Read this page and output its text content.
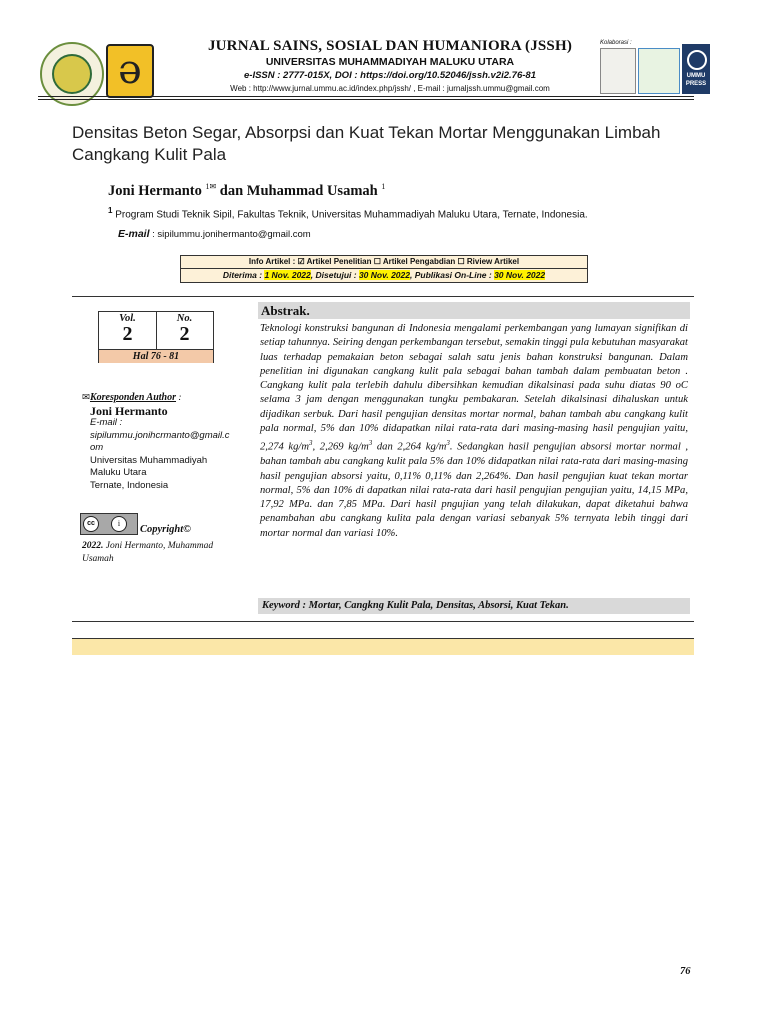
ə
JURNAL SAINS, SOSIAL DAN HUMANIORA (JSSH)
UNIVERSITAS MUHAMMADIYAH MALUKU UTARA
e-ISSN : 2777-015X, DOI : https://doi.org/10.52046/jssh.v2i2.76-81
Web : http://www.jurnal.ummu.ac.id/index.php/jssh/ , E-mail : jurnaljssh.ummu@gmail.com
Kolaborasi :
UMMU PRESS
Densitas Beton Segar, Absorpsi dan Kuat Tekan Mortar Menggunakan Limbah Cangkang Kulit Pala
Joni Hermanto $^{1✉}$ dan Muhammad Usamah $^1$
$^1$ Program Studi Teknik Sipil, Fakultas Teknik, Universitas Muhammadiyah Maluku Utara, Ternate, Indonesia.
E-mail : sipilummu.jonihermanto@gmail.com
Info Artikel : ☑ Artikel Penelitian ☐ Artikel Pengabdian ☐ Riview Artikel
Diterima : 1 Nov. 2022, Disetujui : 30 Nov. 2022, Publikasi On-Line : 30 Nov. 2022
Vol.
2
No.
2
Hal 76 - 81
✉Koresponden Author :
Joni Hermanto
E-mail :
sipilummu.jonihcrmanto@gmail.com
Universitas Muhammadiyah
Maluku Utara
Ternate, Indonesia
cc	i
Copyright©
2022. Joni Hermanto, Muhammad Usamah
Abstrak.
Teknologi konstruksi bangunan di Indonesia mengalami perkembangan yang lumayan signifikan di setiap tahunnya. Seiring dengan perkembangan tersebut, semakin tinggi pula kebutuhan masyarakat luas terhadap pemakaian beton sebagai salah satu jenis bahan konstruksi bangunan. Dalam penelitian ini digunakan cangkang kulit pala sebagai bahan tambah dalam pembuatan beton . Cangkang kulit pala terlebih dahulu dibersihkan kemudian dikalsinasi pada suhu diatas 90 oC selama 3 jam dengan menggunakan tungku pembakaran. Setelah dikalsinasi dihaluskan untuk dijadikan serbuk. Dari hasil pengujian densitas mortar normal, bahan tambah abu cangkang kulit pala normal, 5% dan 10% didapatkan nilai rata-rata dari masing-masing hasil pengujian yaitu, 2,274 $kg/m^3$, 2,269 $kg/m^3$ dan 2,264 $kg/m^3$. Sedangkan hasil pengujian absorsi mortar normal , bahan tambah abu cangkang kulit pala 5% dan 10% didapatkan nilai rata-rata dari masing-masing hasil pengujian absorsi yaitu, 0,11% 0,11% dan 2,264%. Dan hasil pengujian kuat tekan mortar normal, 5% dan 10% di dapatkan nilai rata-rata dari hasil pengujian pengujian yaitu, 14,15 MPa, 17,92 MPa. dan 7,85 MPa. Dari hasil pngujian yang telah dilakukan, dapat diketahui bahwa penambahan abu cangkang kulita pala dengan variasi sebanyak 5% ternyata lebih tinggi dari mortar normal dan variasi 10%.
Keyword : Mortar, Cangkng Kulit Pala, Densitas, Absorsi, Kuat Tekan.
76
